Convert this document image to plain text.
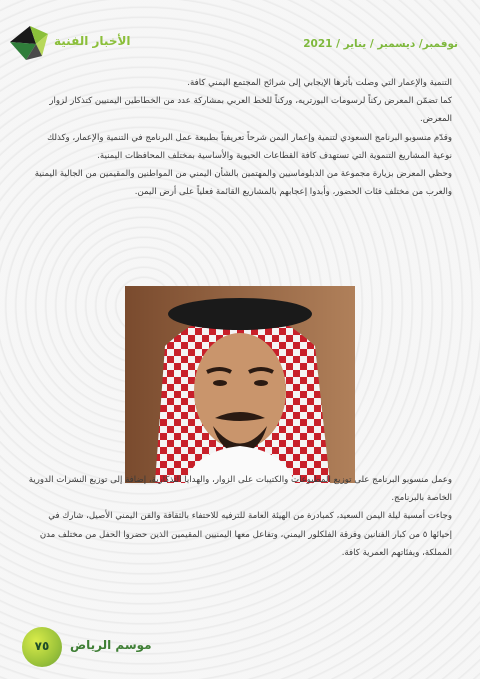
الأخبار الفنية	نوفمبر/ ديسمبر / يناير / 2021

التنمية والإعمار التي وصلت بأثرها الإيجابي إلى شرائح المجتمع اليمني كافة.

كما تضمّن المعرض ركناً لرسومات البورتريه، وركناً للخط العربي بمشاركة عدد من الخطاطين اليمنيين كتذكار لزوار المعرض.

وقدّم منسوبو البرنامج السعودي لتنمية وإعمار اليمن شرحاً تعريفياً بطبيعة عمل البرنامج في التنمية والإعمار، وكذلك نوعية المشاريع التنموية التي تستهدف كافة القطاعات الحيوية والأساسية بمختلف المحافظات اليمنية.

وحظي المعرض بزيارة مجموعة من الدبلوماسيين والمهتمين بالشأن اليمني من المواطنين والمقيمين من الجالية اليمنية والعرب من مختلف فئات الحضور، وأبدوا إعجابهم بالمشاريع القائمة فعلياً على أرض اليمن.

وعمل منسوبو البرنامج على توزيع المطبوعات والكتيبات على الزوار، والهدايا التذكارية، إضافة إلى توزيع النشرات الدورية الخاصة بالبرنامج.

وجاءت أمسية ليلة اليمن السعيد، كمبادرة من الهيئة العامة للترفيه للاحتفاء بالثقافة والفن اليمني الأصيل، شارك في إحيائها ٥ من كبار الفنانين وفرقة الفلكلور اليمني، وتفاعل معها اليمنيين المقيمين الذين حضروا الحفل من مختلف مدن المملكة، وبفئاتهم العمرية كافة.

٧٥	موسم الرياض
